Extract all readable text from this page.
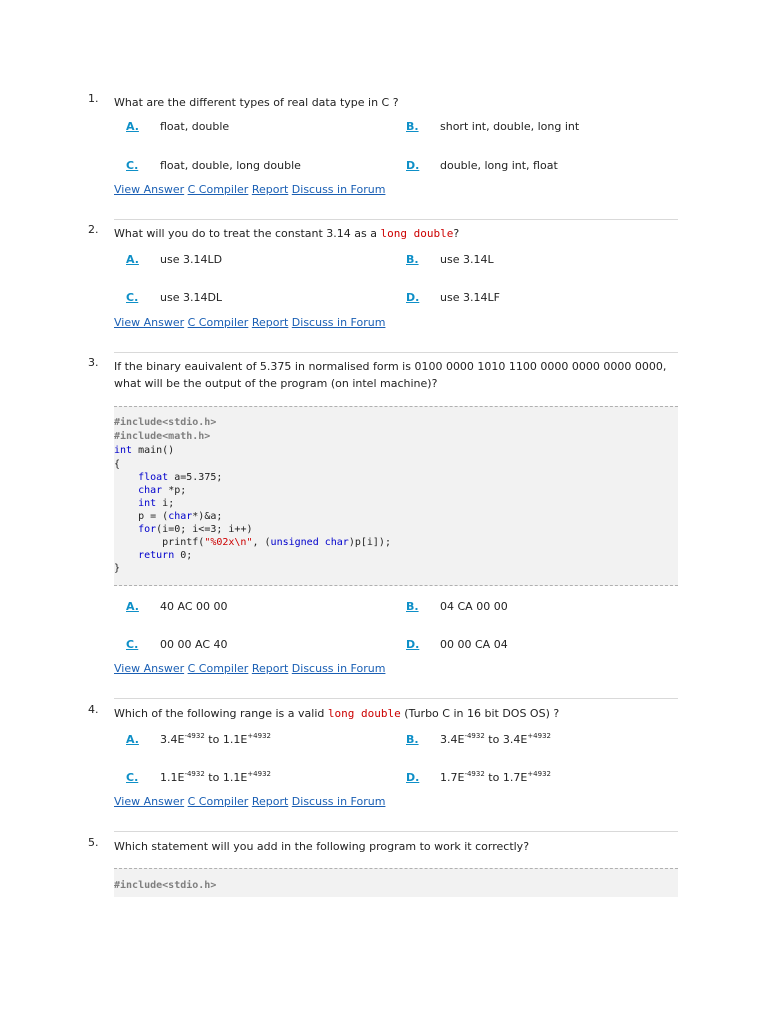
1. What are the different types of real data type in C ?
A. float, double	B. short int, double, long int
C. float, double, long double	D. double, long int, float
View Answer C Compiler Report Discuss in Forum
2. What will you do to treat the constant 3.14 as a long double?
A. use 3.14LD	B. use 3.14L
C. use 3.14DL	D. use 3.14LF
View Answer C Compiler Report Discuss in Forum
3. If the binary eauivalent of 5.375 in normalised form is 0100 0000 1010 1100 0000 0000 0000 0000, what will be the output of the program (on intel machine)?
#include<stdio.h>
#include<math.h>
int main()
{
float a=5.375;
char *p;
int i;
p = (char*)&a;
for(i=0; i<=3; i++)
printf("%02x\n", (unsigned char)p[i]);
return 0;
}
A. 40 AC 00 00	B. 04 CA 00 00
C. 00 00 AC 40	D. 00 00 CA 04
View Answer C Compiler Report Discuss in Forum
4. Which of the following range is a valid long double (Turbo C in 16 bit DOS OS) ?
A. $3.4E^{-4932}$ to $1.1E^{+4932}$	B. $3.4E^{-4932}$ to $3.4E^{+4932}$
C. $1.1E^{-4932}$ to $1.1E^{+4932}$	D. $1.7E^{-4932}$ to $1.7E^{+4932}$
View Answer C Compiler Report Discuss in Forum
5. Which statement will you add in the following program to work it correctly?
#include<stdio.h>
